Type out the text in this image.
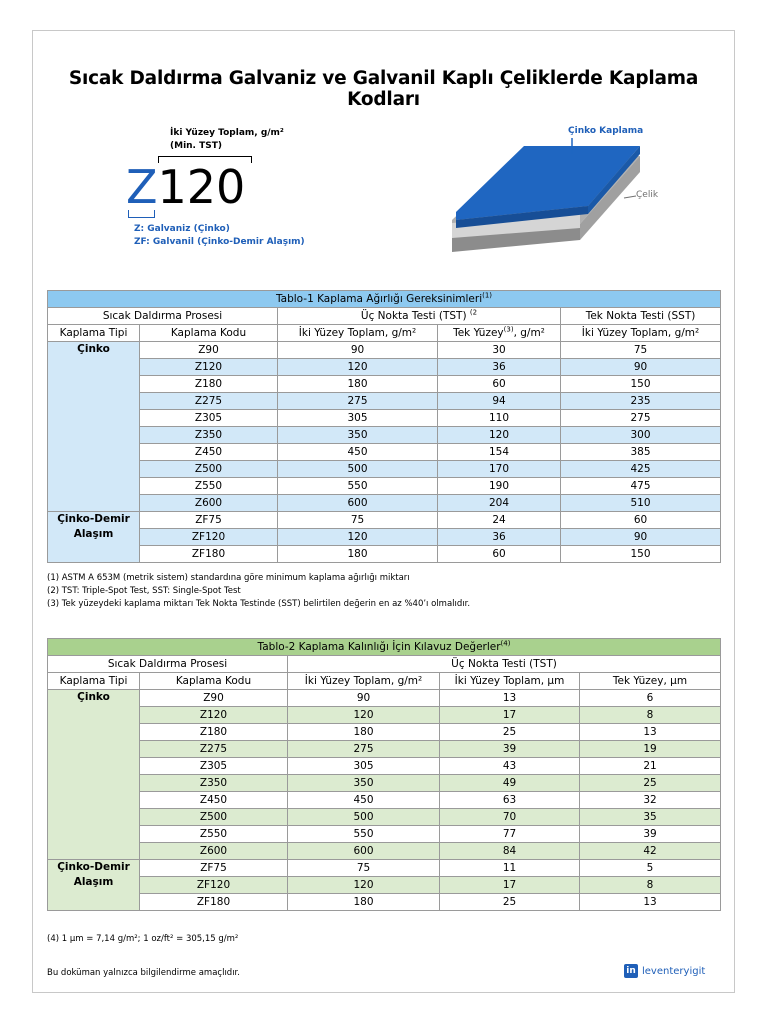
Sıcak Daldırma Galvaniz ve Galvanil Kaplı Çeliklerde Kaplama Kodları
İki Yüzey Toplam, g/m²
(Min. TST)
Z120
Z: Galvaniz (Çinko)
ZF: Galvanil (Çinko-Demir Alaşım)
Çinko Kaplama
Çelik
Tablo-1 Kaplama Ağırlığı Gereksinimleri$^{(1)}$
Sıcak Daldırma Prosesi		Üç Nokta Testi (TST) $^{(2}$		Tek Nokta Testi (SST)
Kaplama Tipi	Kaplama Kodu	İki Yüzey Toplam, g/m²	Tek Yüzey$^{(3)}$, g/m²	İki Yüzey Toplam, g/m²
Çinko	Z90	90	30	75
	Z120	120	36	90
	Z180	180	60	150
	Z275	275	94	235
	Z305	305	110	275
	Z350	350	120	300
	Z450	450	154	385
	Z500	500	170	425
	Z550	550	190	475
	Z600	600	204	510

Çinko-Demir
Alaşım	ZF75	75	24	60
	ZF120	120	36	90
	ZF180	180	60	150
(1) ASTM A 653M (metrik sistem) standardına göre minimum kaplama ağırlığı miktarı
(2) TST: Triple-Spot Test, SST: Single-Spot Test
(3) Tek yüzeydeki kaplama miktarı Tek Nokta Testinde (SST) belirtilen değerin en az %40’ı olmalıdır.
Tablo-2 Kaplama Kalınlığı İçin Kılavuz Değerler$^{(4)}$
Sıcak Daldırma Prosesi		Üç Nokta Testi (TST)		
Kaplama Tipi	Kaplama Kodu	İki Yüzey Toplam, g/m²	İki Yüzey Toplam, µm	Tek Yüzey, µm
Çinko	Z90	90	13	6
	Z120	120	17	8
	Z180	180	25	13
	Z275	275	39	19
	Z305	305	43	21
	Z350	350	49	25
	Z450	450	63	32
	Z500	500	70	35
	Z550	550	77	39
	Z600	600	84	42

Çinko-Demir
Alaşım	ZF75	75	11	5
	ZF120	120	17	8
	ZF180	180	25	13
(4) 1 µm = 7,14 g/m²; 1 oz/ft² = 305,15 g/m²
Bu doküman yalnızca bilgilendirme amaçlıdır.	in leventeryigit
